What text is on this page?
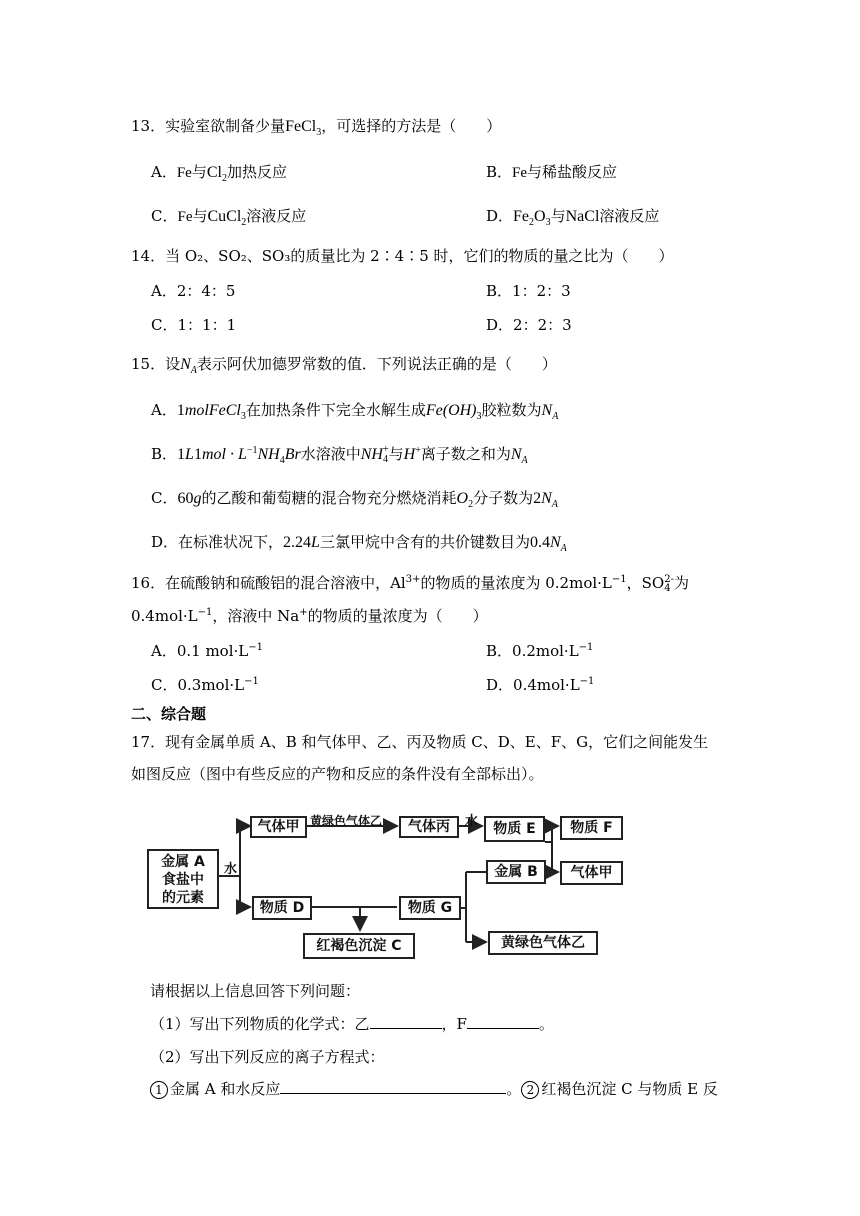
13．实验室欲制备少量FeCl$_3$，可选择的方法是（　　）
A．Fe与$Cl_2$加热反应	B．Fe与稀盐酸反应
C．Fe与CuCl$_2$溶液反应	D．$Fe_2O_3$与NaCl溶液反应
14．当 O₂、SO₂、SO₃的质量比为 2∶4∶5 时，它们的物质的量之比为（　　）
A．2：4：5	B．1：2：3
C．1：1：1	D．2：2：3
15．设$N_A$表示阿伏加德罗常数的值．下列说法正确的是（　　）
A．1molFeCl$_3$在加热条件下完全水解生成$Fe(OH)_3$胶粒数为$N_A$
B．$1L1mol \cdot L^{-1}NH_4Br$水溶液中NH +
4 与H+离子数之和为$N_A$
C．60g的乙酸和葡萄糖的混合物充分燃烧消耗$O_2$分子数为$2N_A$
D．在标准状况下，2.24L三氯甲烷中含有的共价键数目为$0.4N_A$
16．在硫酸钠和硫酸铝的混合溶液中，$Al^{3+}$的物质的量浓度为 $0.2mol\cdot L^{-1}$，SO 2-
4 为
$0.4mol\cdot L^{-1}$，溶液中 Na+的物质的量浓度为（　　）
A．0.1 $mol\cdot L^{-1}$	B．$0.2mol\cdot L^{-1}$
C．$0.3mol\cdot L^{-1}$	D．$0.4mol\cdot L^{-1}$
二、综合题
17．现有金属单质 A、B 和气体甲、乙、丙及物质 C、D、E、F、G，它们之间能发生
如图反应（图中有些反应的产物和反应的条件没有全部标出）。
金属 A
食盐中
的元素
水
气体甲 黄绿色气体乙	气体丙	水	物质 E	物质 F
气体甲
金属 B
物质 D	物质 G
黄绿色气体乙
红褐色沉淀 C
请根据以上信息回答下列问题：
（1）写出下列物质的化学式：乙	，F	。
（2）写出下列反应的离子方程式：
1 金属 A 和水反应	。 2 红褐色沉淀 C 与物质 E 反
